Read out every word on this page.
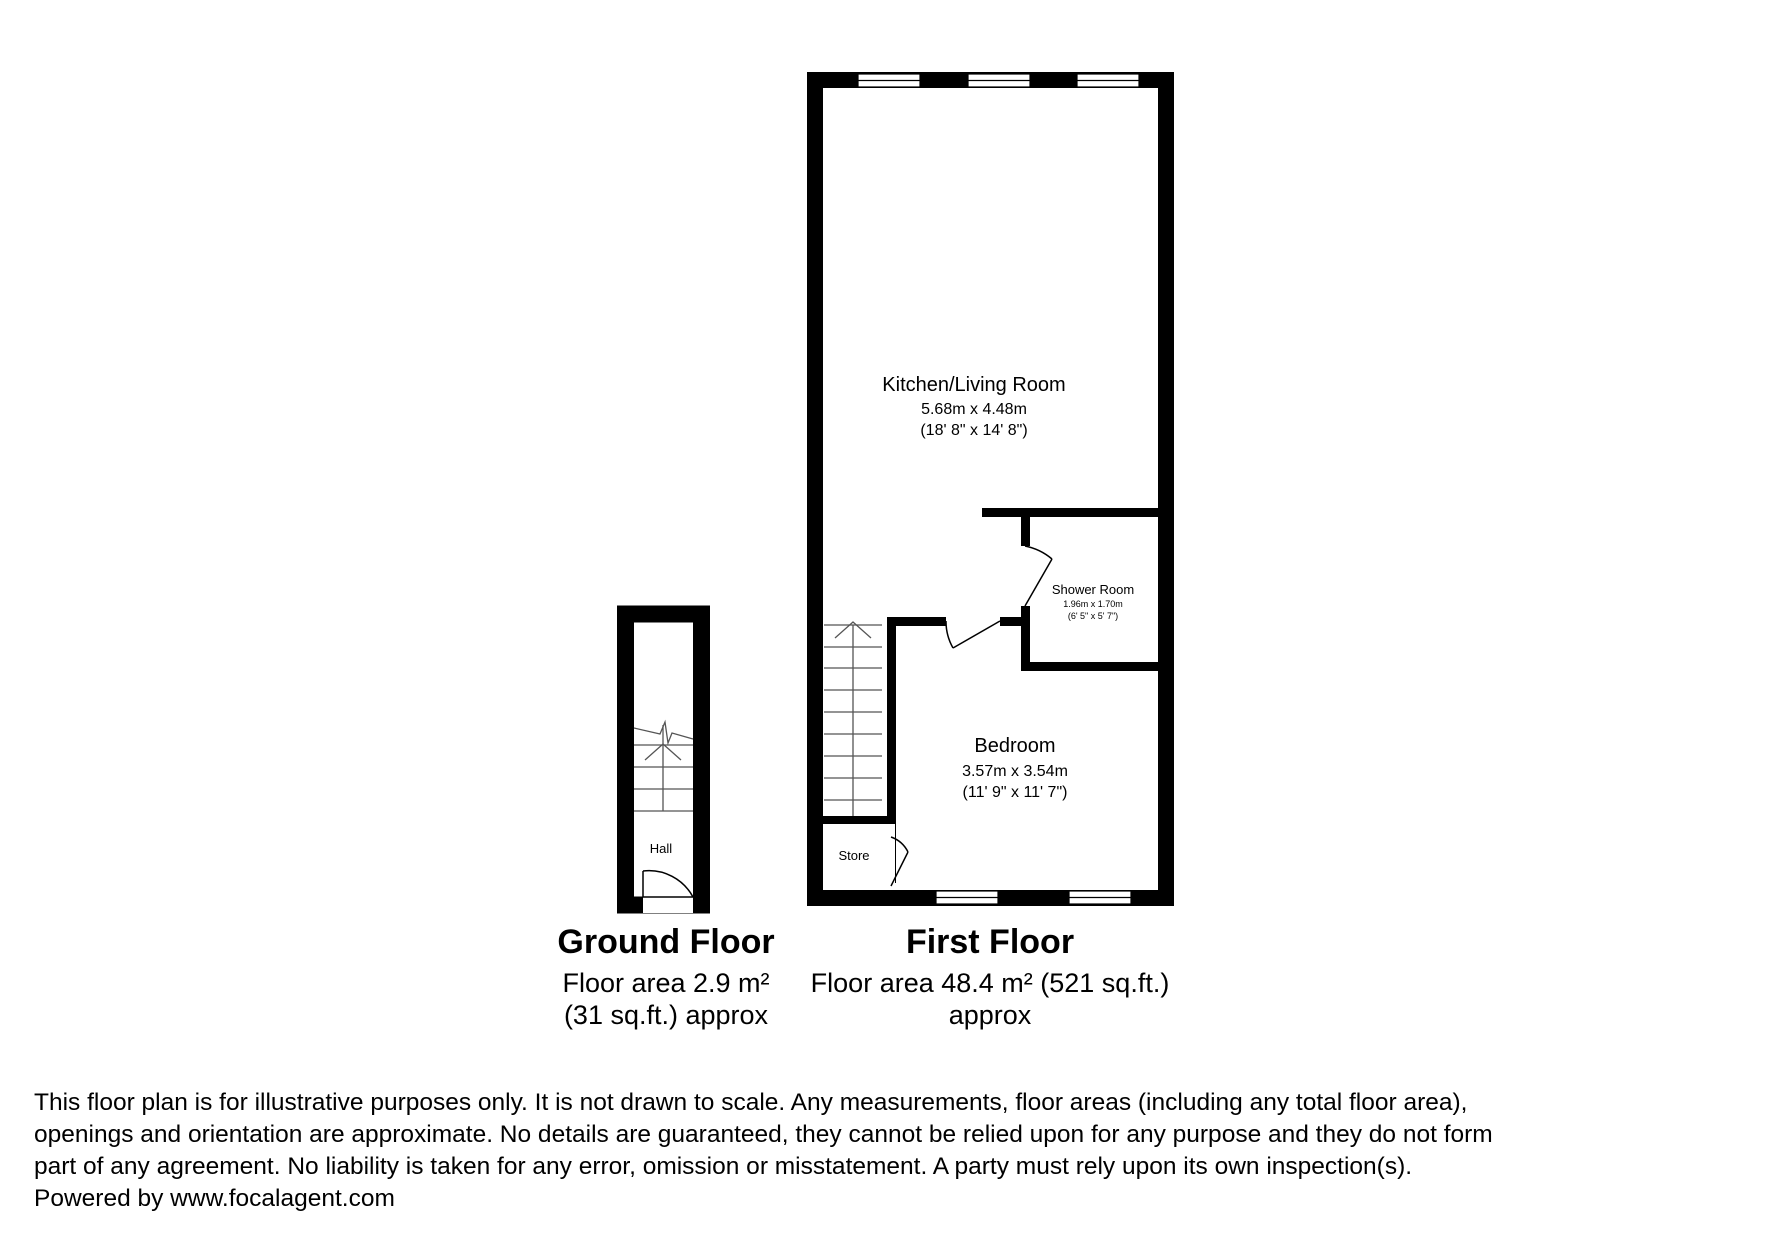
Hall
Kitchen/Living Room
5.68m x 4.48m
(18' 8" x 14' 8")
Shower Room
1.96m x 1.70m
(6' 5" x 5' 7")
Bedroom
3.57m x 3.54m
(11' 9" x 11' 7")
Store
Ground Floor
Floor area 2.9 m²
(31 sq.ft.) approx
First Floor
Floor area 48.4 m² (521 sq.ft.)
approx

This floor plan is for illustrative purposes only. It is not drawn to scale. Any measurements, floor areas (including any total floor area),

openings and orientation are approximate. No details are guaranteed, they cannot be relied upon for any purpose and they do not form

part of any agreement. No liability is taken for any error, omission or misstatement. A party must rely upon its own inspection(s).

Powered by www.focalagent.com
